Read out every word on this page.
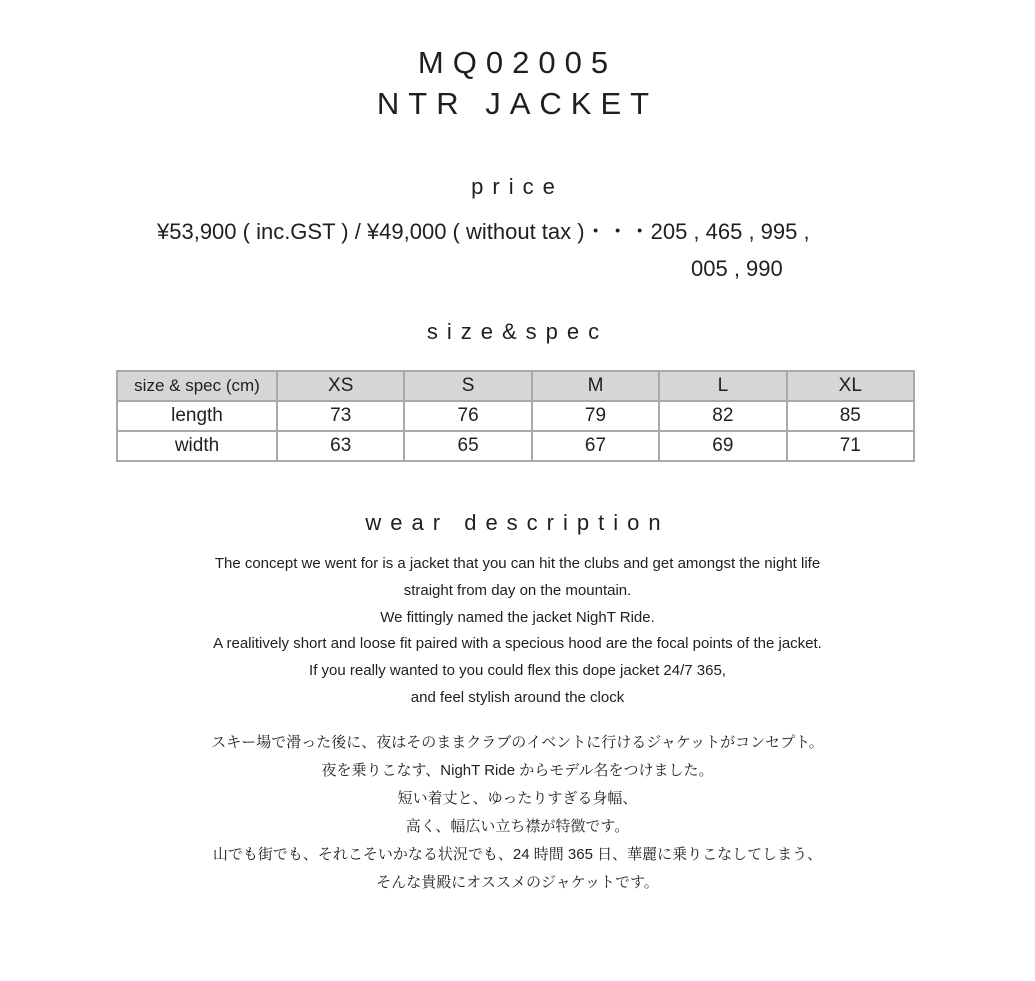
MQ02005
NTR JACKET
price
¥53,900 ( inc.GST ) / ¥49,000 ( without tax )・・・205 , 465 , 995 ,
005 , 990
size&spec
size & spec (cm)	XS	S	M	L	XL
length	73	76	79	82	85
width	63	65	67	69	71
wear description
The concept we went for is a jacket that you can hit the clubs and get amongst the night life
straight from day on the mountain.
We fittingly named the jacket NighT Ride.
A realitively short and loose fit paired with a specious hood are the focal points of the jacket.
If you really wanted to you could flex this dope jacket 24/7 365,
and feel stylish around the clock
スキー場で滑った後に、夜はそのままクラブのイベントに行けるジャケットがコンセプト。
夜を乗りこなす、NighT Ride からモデル名をつけました。
短い着丈と、ゆったりすぎる身幅、
高く、幅広い立ち襟が特徴です。
山でも街でも、それこそいかなる状況でも、24 時間 365 日、華麗に乗りこなしてしまう、
そんな貴殿にオススメのジャケットです。
